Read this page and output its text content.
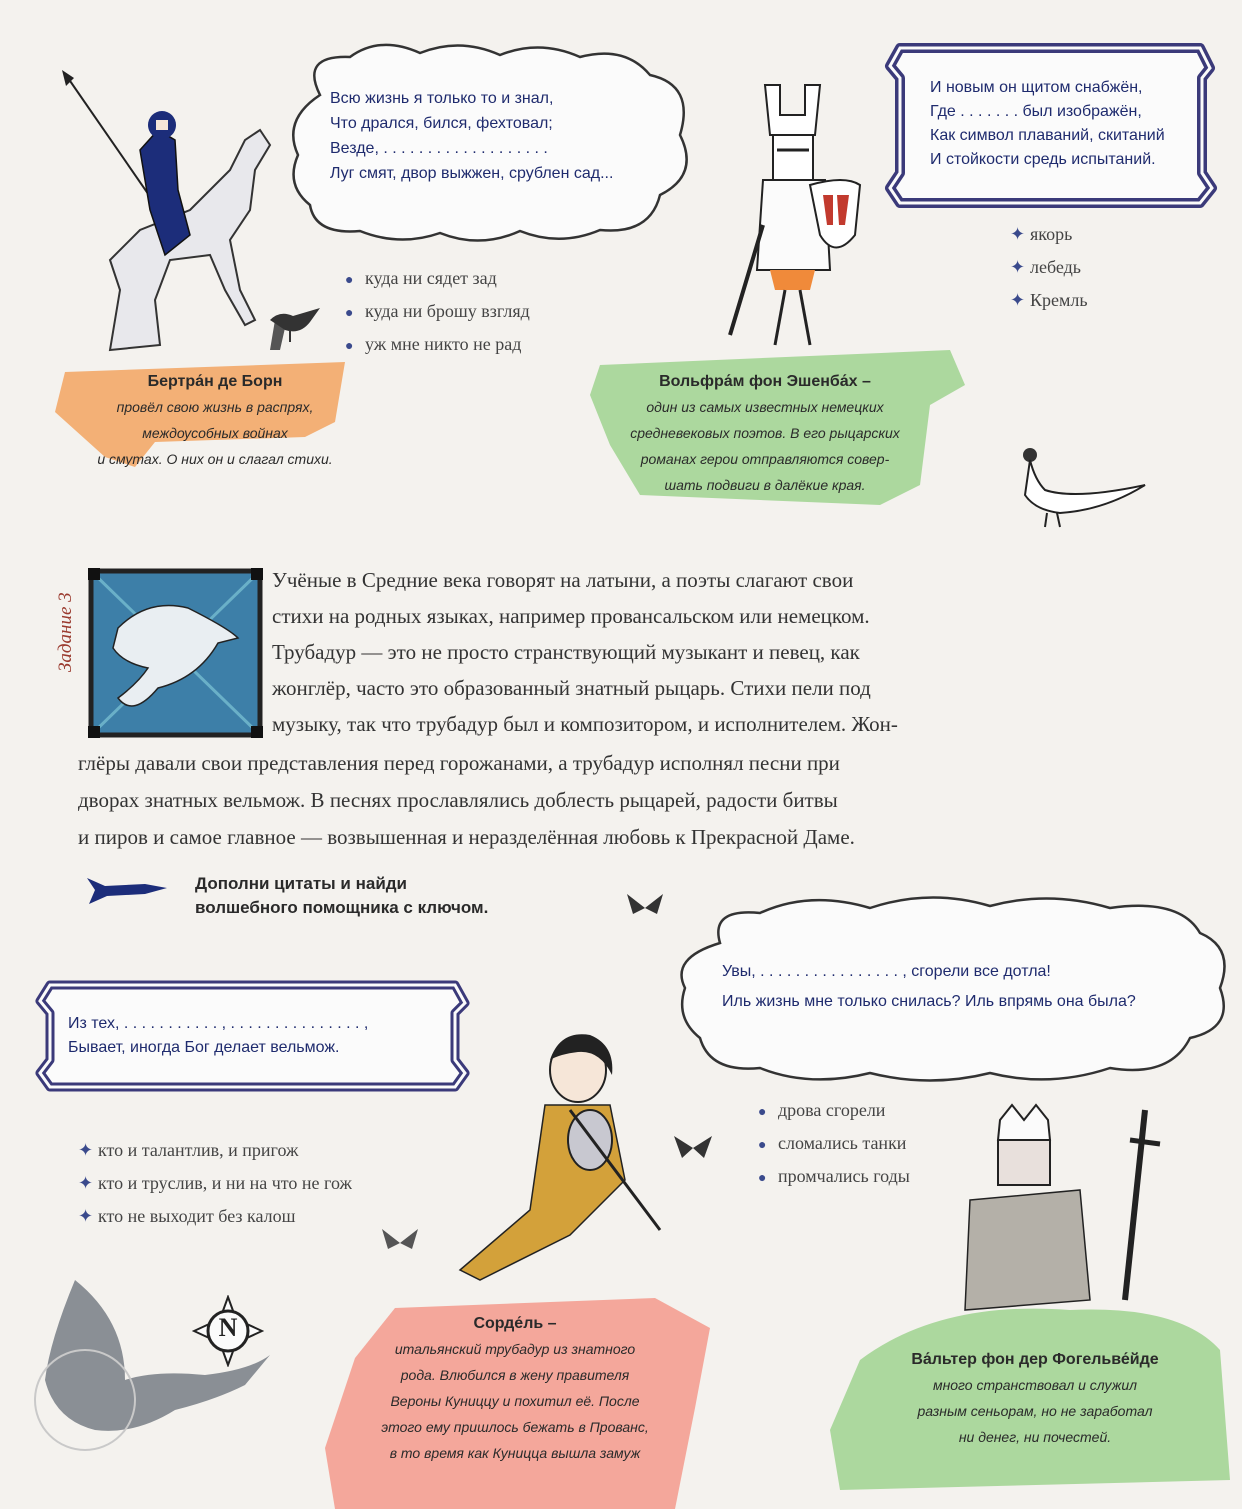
Всю жизнь я только то и знал,
Что дрался, бился, фехтовал;
Везде, . . . . . . . . . . . . . . . . . . .
Луг смят, двор выжжен, срублен сад...
● куда ни сядет зад
● куда ни брошу взгляд
● уж мне никто не рад
Бертра́н де Борн
провёл свою жизнь в распрях,
междоусобных войнах
и смутах. О них он и слагал стихи.
Вольфра́м фон Эшенба́х –
один из самых известных немецких
средневековых поэтов. В его рыцарских
романах герои отправляются совер-
шать подвиги в далёкие края.
И новым он щитом снабжён,
Где . . . . . . . был изображён,
Как символ плаваний, скитаний
И стойкости средь испытаний.
✦ якорь
✦ лебедь
✦ Кремль
Задание 3
Учёные в Средние века говорят на латыни, а поэты слагают свои
стихи на родных языках, например провансальском или немецком.
Трубадур — это не просто странствующий музыкант и певец, как
жонглёр, часто это образованный знатный рыцарь. Стихи пели под
музыку, так что трубадур был и композитором, и исполнителем. Жон-
глёры давали свои представления перед горожанами, а трубадур исполнял песни при
дворах знатных вельмож. В песнях прославлялись доблесть рыцарей, радости битвы
и пиров и самое главное — возвышенная и неразделённая любовь к Прекрасной Даме.
Дополни цитаты и найди
волшебного помощника с ключом.
Из тех, . . . . . . . . . . . , . . . . . . . . . . . . . . . ,
Бывает, иногда Бог делает вельмож.
✦ кто и талантлив, и пригож
✦ кто и труслив, и ни на что не гож
✦ кто не выходит без калош
N	Сорде́ль –
итальянский трубадур из знатного
рода. Влюбился в жену правителя
Вероны Куниццу и похитил её. После
этого ему пришлось бежать в Прованс,
в то время как Куницца вышла замуж
Увы, . . . . . . . . . . . . . . . . , сгорели все дотла!
Иль жизнь мне только снилась? Иль впрямь она была?
● дрова сгорели
● сломались танки
● промчались годы
Ва́льтер фон дер Фогельве́йде
много странствовал и служил
разным сеньорам, но не заработал
ни денег, ни почестей.
